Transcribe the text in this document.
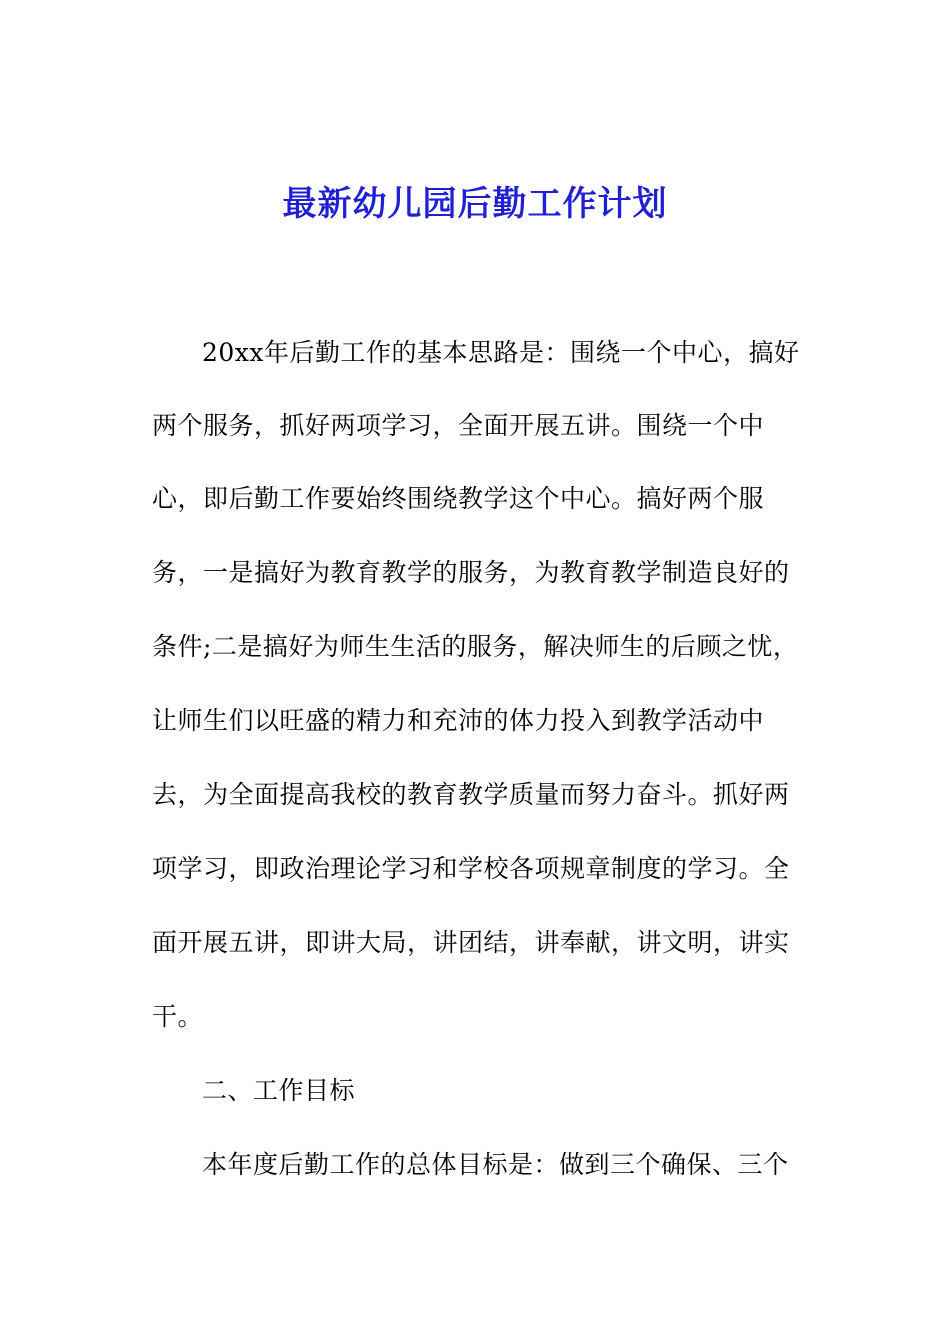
最新幼儿园后勤工作计划
20xx年后勤工作的基本思路是：围绕一个中心，搞好
两个服务，抓好两项学习，全面开展五讲。围绕一个中
心，即后勤工作要始终围绕教学这个中心。搞好两个服
务，一是搞好为教育教学的服务，为教育教学制造良好的
条件;二是搞好为师生生活的服务，解决师生的后顾之忧，
让师生们以旺盛的精力和充沛的体力投入到教学活动中
去，为全面提高我校的教育教学质量而努力奋斗。抓好两
项学习，即政治理论学习和学校各项规章制度的学习。全
面开展五讲，即讲大局，讲团结，讲奉献，讲文明，讲实
干。
二、工作目标
本年度后勤工作的总体目标是：做到三个确保、三个
